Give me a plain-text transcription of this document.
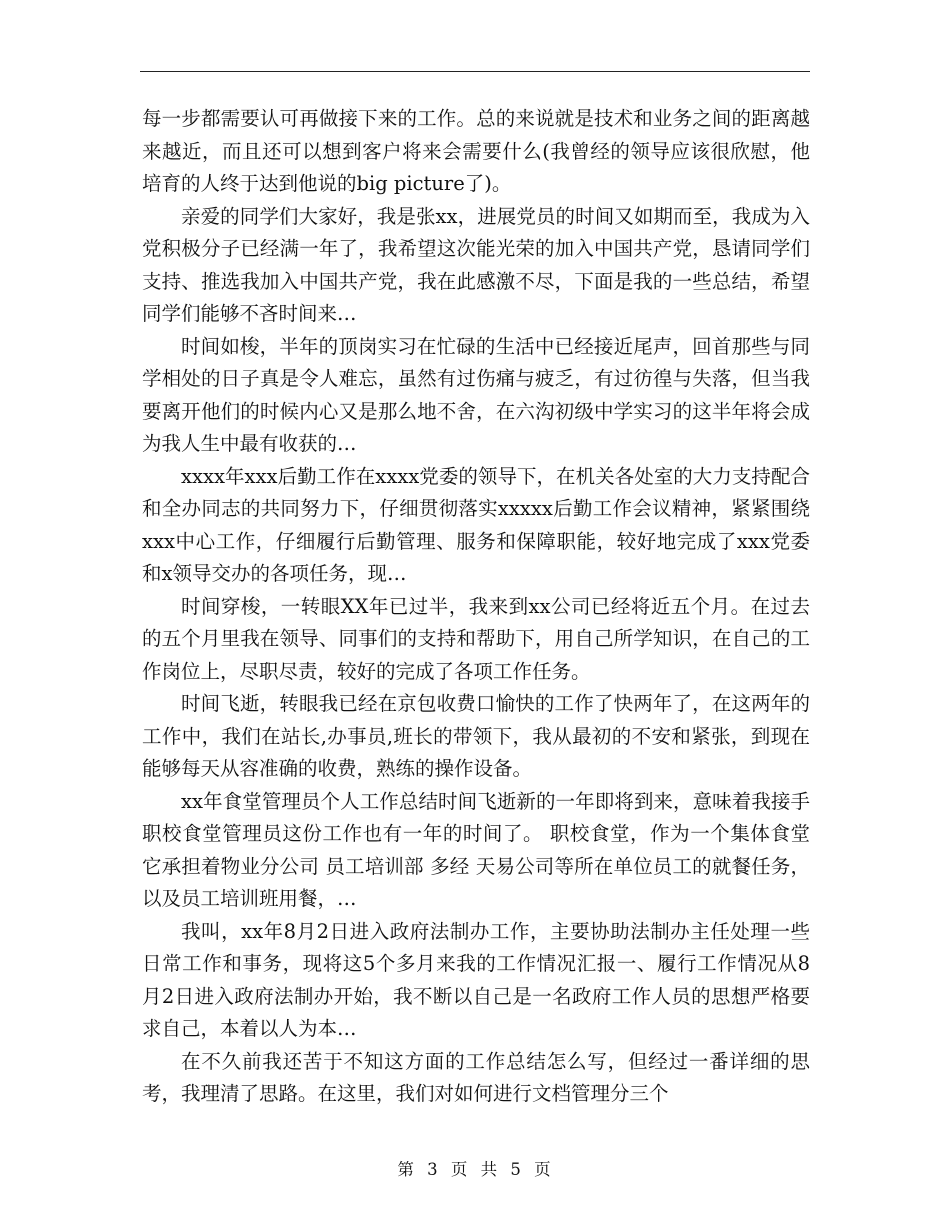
每一步都需要认可再做接下来的工作。总的来说就是技术和业务之间的距离越来越近，而且还可以想到客户将来会需要什么(我曾经的领导应该很欣慰，他培育的人终于达到他说的big picture了)。

亲爱的同学们大家好，我是张xx，进展党员的时间又如期而至，我成为入党积极分子已经满一年了，我希望这次能光荣的加入中国共产党，恳请同学们支持、推选我加入中国共产党，我在此感激不尽，下面是我的一些总结，希望同学们能够不吝时间来…

时间如梭，半年的顶岗实习在忙碌的生活中已经接近尾声，回首那些与同学相处的日子真是令人难忘，虽然有过伤痛与疲乏，有过彷徨与失落，但当我要离开他们的时候内心又是那么地不舍，在六沟初级中学实习的这半年将会成为我人生中最有收获的…

xxxx年xxx后勤工作在xxxx党委的领导下，在机关各处室的大力支持配合和全办同志的共同努力下，仔细贯彻落实xxxxx后勤工作会议精神，紧紧围绕xxx中心工作，仔细履行后勤管理、服务和保障职能，较好地完成了xxx党委和x领导交办的各项任务，现…

时间穿梭，一转眼XX年已过半，我来到xx公司已经将近五个月。在过去的五个月里我在领导、同事们的支持和帮助下，用自己所学知识，在自己的工作岗位上，尽职尽责，较好的完成了各项工作任务。

时间飞逝，转眼我已经在京包收费口愉快的工作了快两年了，在这两年的工作中，我们在站长,办事员,班长的带领下，我从最初的不安和紧张，到现在能够每天从容准确的收费，熟练的操作设备。

xx年食堂管理员个人工作总结时间飞逝新的一年即将到来，意味着我接手职校食堂管理员这份工作也有一年的时间了。 职校食堂，作为一个集体食堂它承担着物业分公司 员工培训部 多经 天易公司等所在单位员工的就餐任务，以及员工培训班用餐，…

我叫，xx年8月2日进入政府法制办工作，主要协助法制办主任处理一些日常工作和事务，现将这5个多月来我的工作情况汇报一、履行工作情况从8月2日进入政府法制办开始，我不断以自己是一名政府工作人员的思想严格要求自己，本着以人为本…

在不久前我还苦于不知这方面的工作总结怎么写，但经过一番详细的思考，我理清了思路。在这里，我们对如何进行文档管理分三个

第 3 页 共 5 页
